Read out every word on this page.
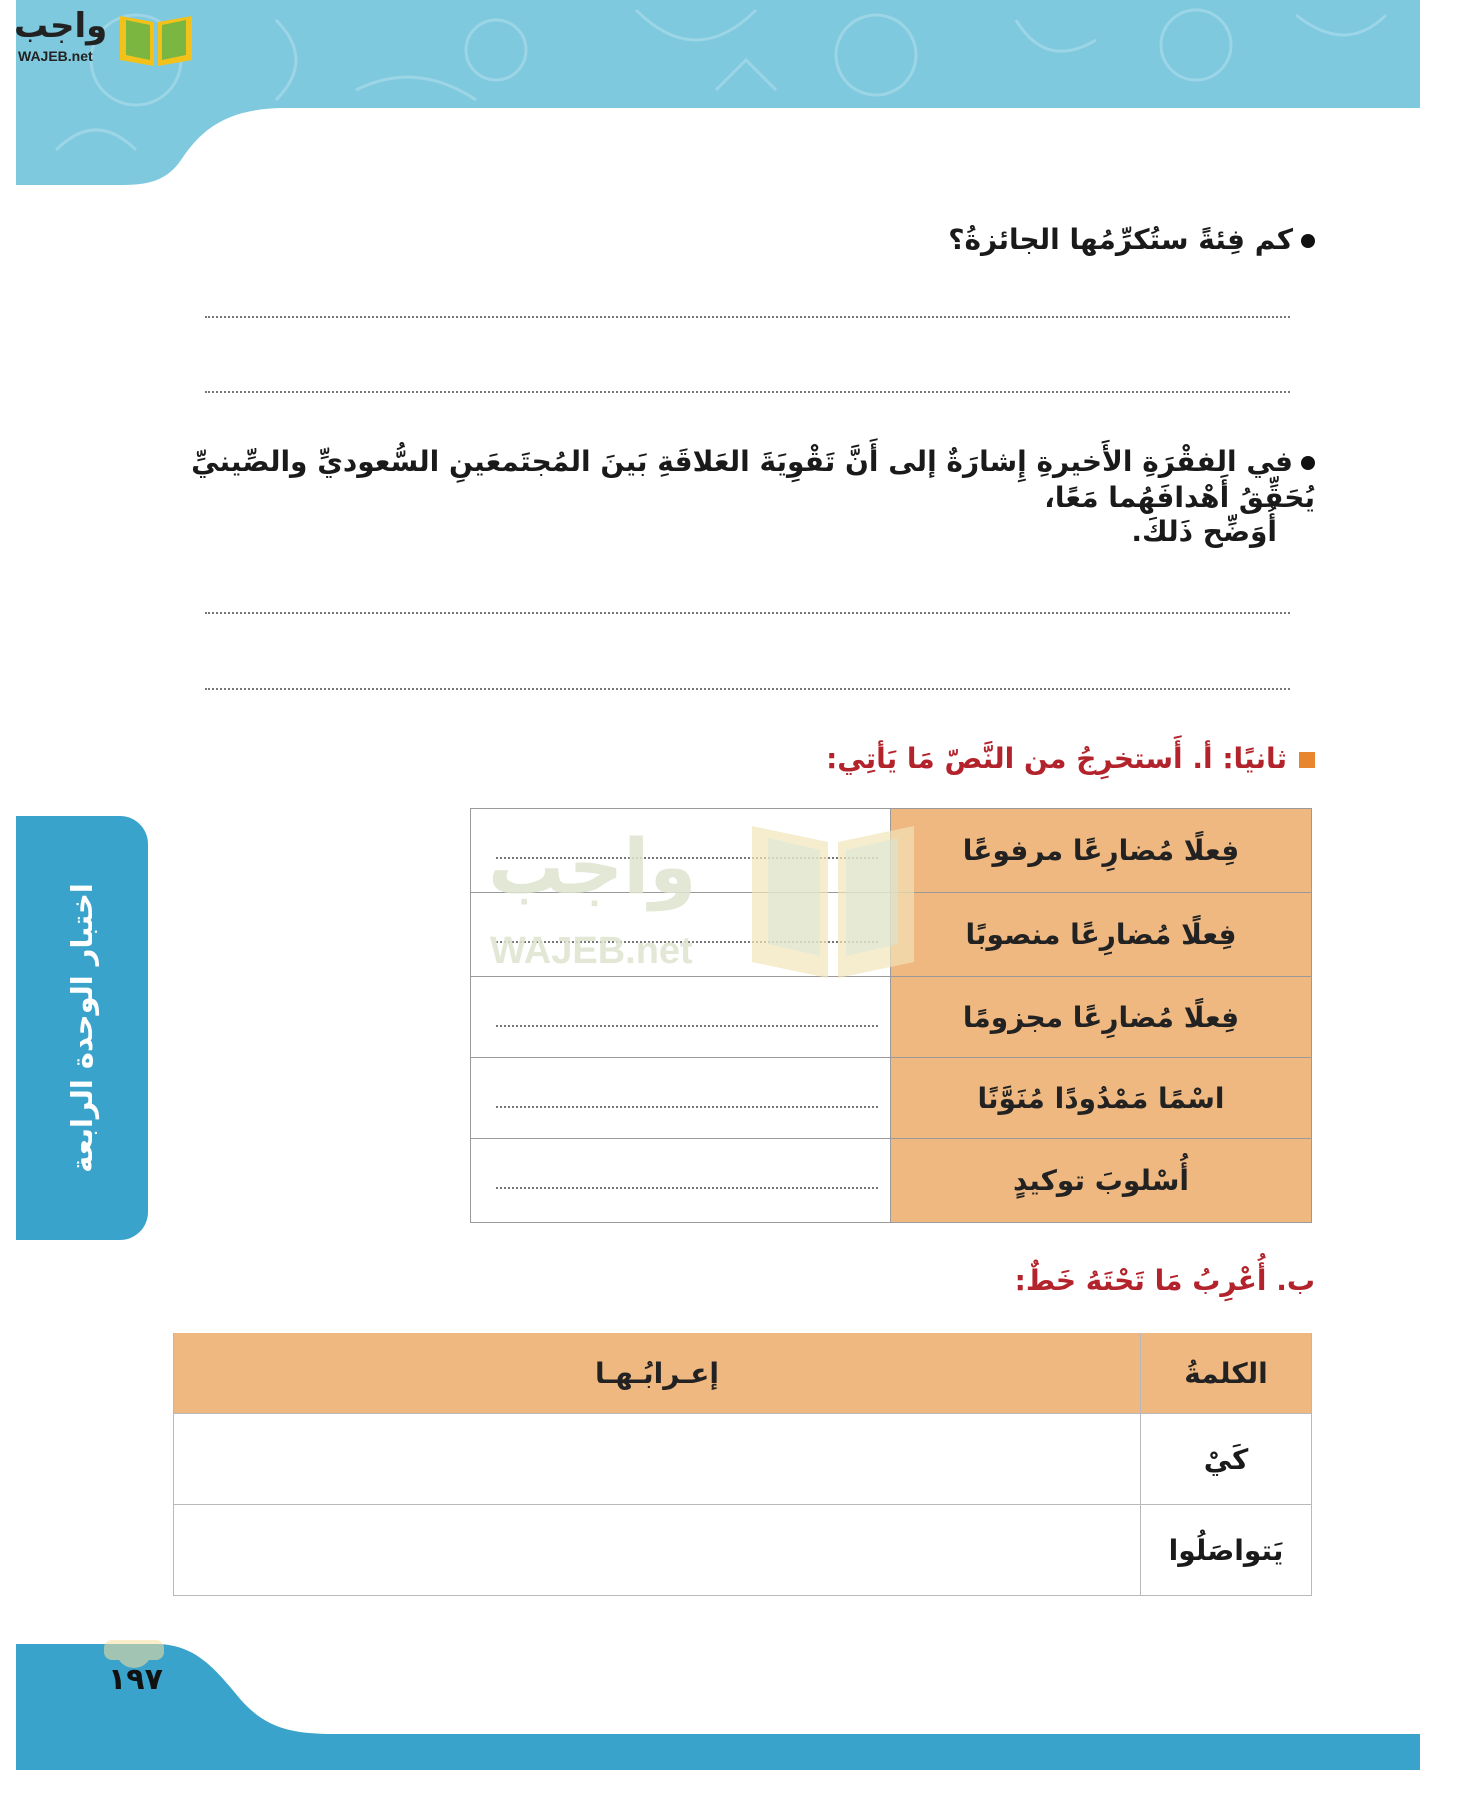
واجب
WAJEB.net
اختبار الوحدة الرابعة
كم فِئةً ستُكرِّمُها الجائزةُ؟
في الفقْرَةِ الأَخيرةِ إِشارَةٌ إلى أَنَّ تَقْوِيَةَ العَلاقَةِ بَينَ المُجتَمعَينِ السُّعوديِّ والصِّينيِّ يُحَقِّقُ أَهْدافَهُما مَعًا،
أُوَضِّح ذَلكَ.
ثانيًا: أ. أَستخرِجُ من النَّصّ مَا يَأتِي:
فِعلًا مُضارِعًا مرفوعًا	

فِعلًا مُضارِعًا منصوبًا	

فِعلًا مُضارِعًا مجزومًا	

اسْمًا مَمْدُودًا مُنَوَّنًا	

أُسْلوبَ توكيدٍ	
واجب
WAJEB.net
ب. أُعْرِبُ مَا تَحْتَهُ خَطٌ:
الكلمةُ	إعـرابُـهـا
كَيْ	
يَتواصَلُوا	
١٩٧
